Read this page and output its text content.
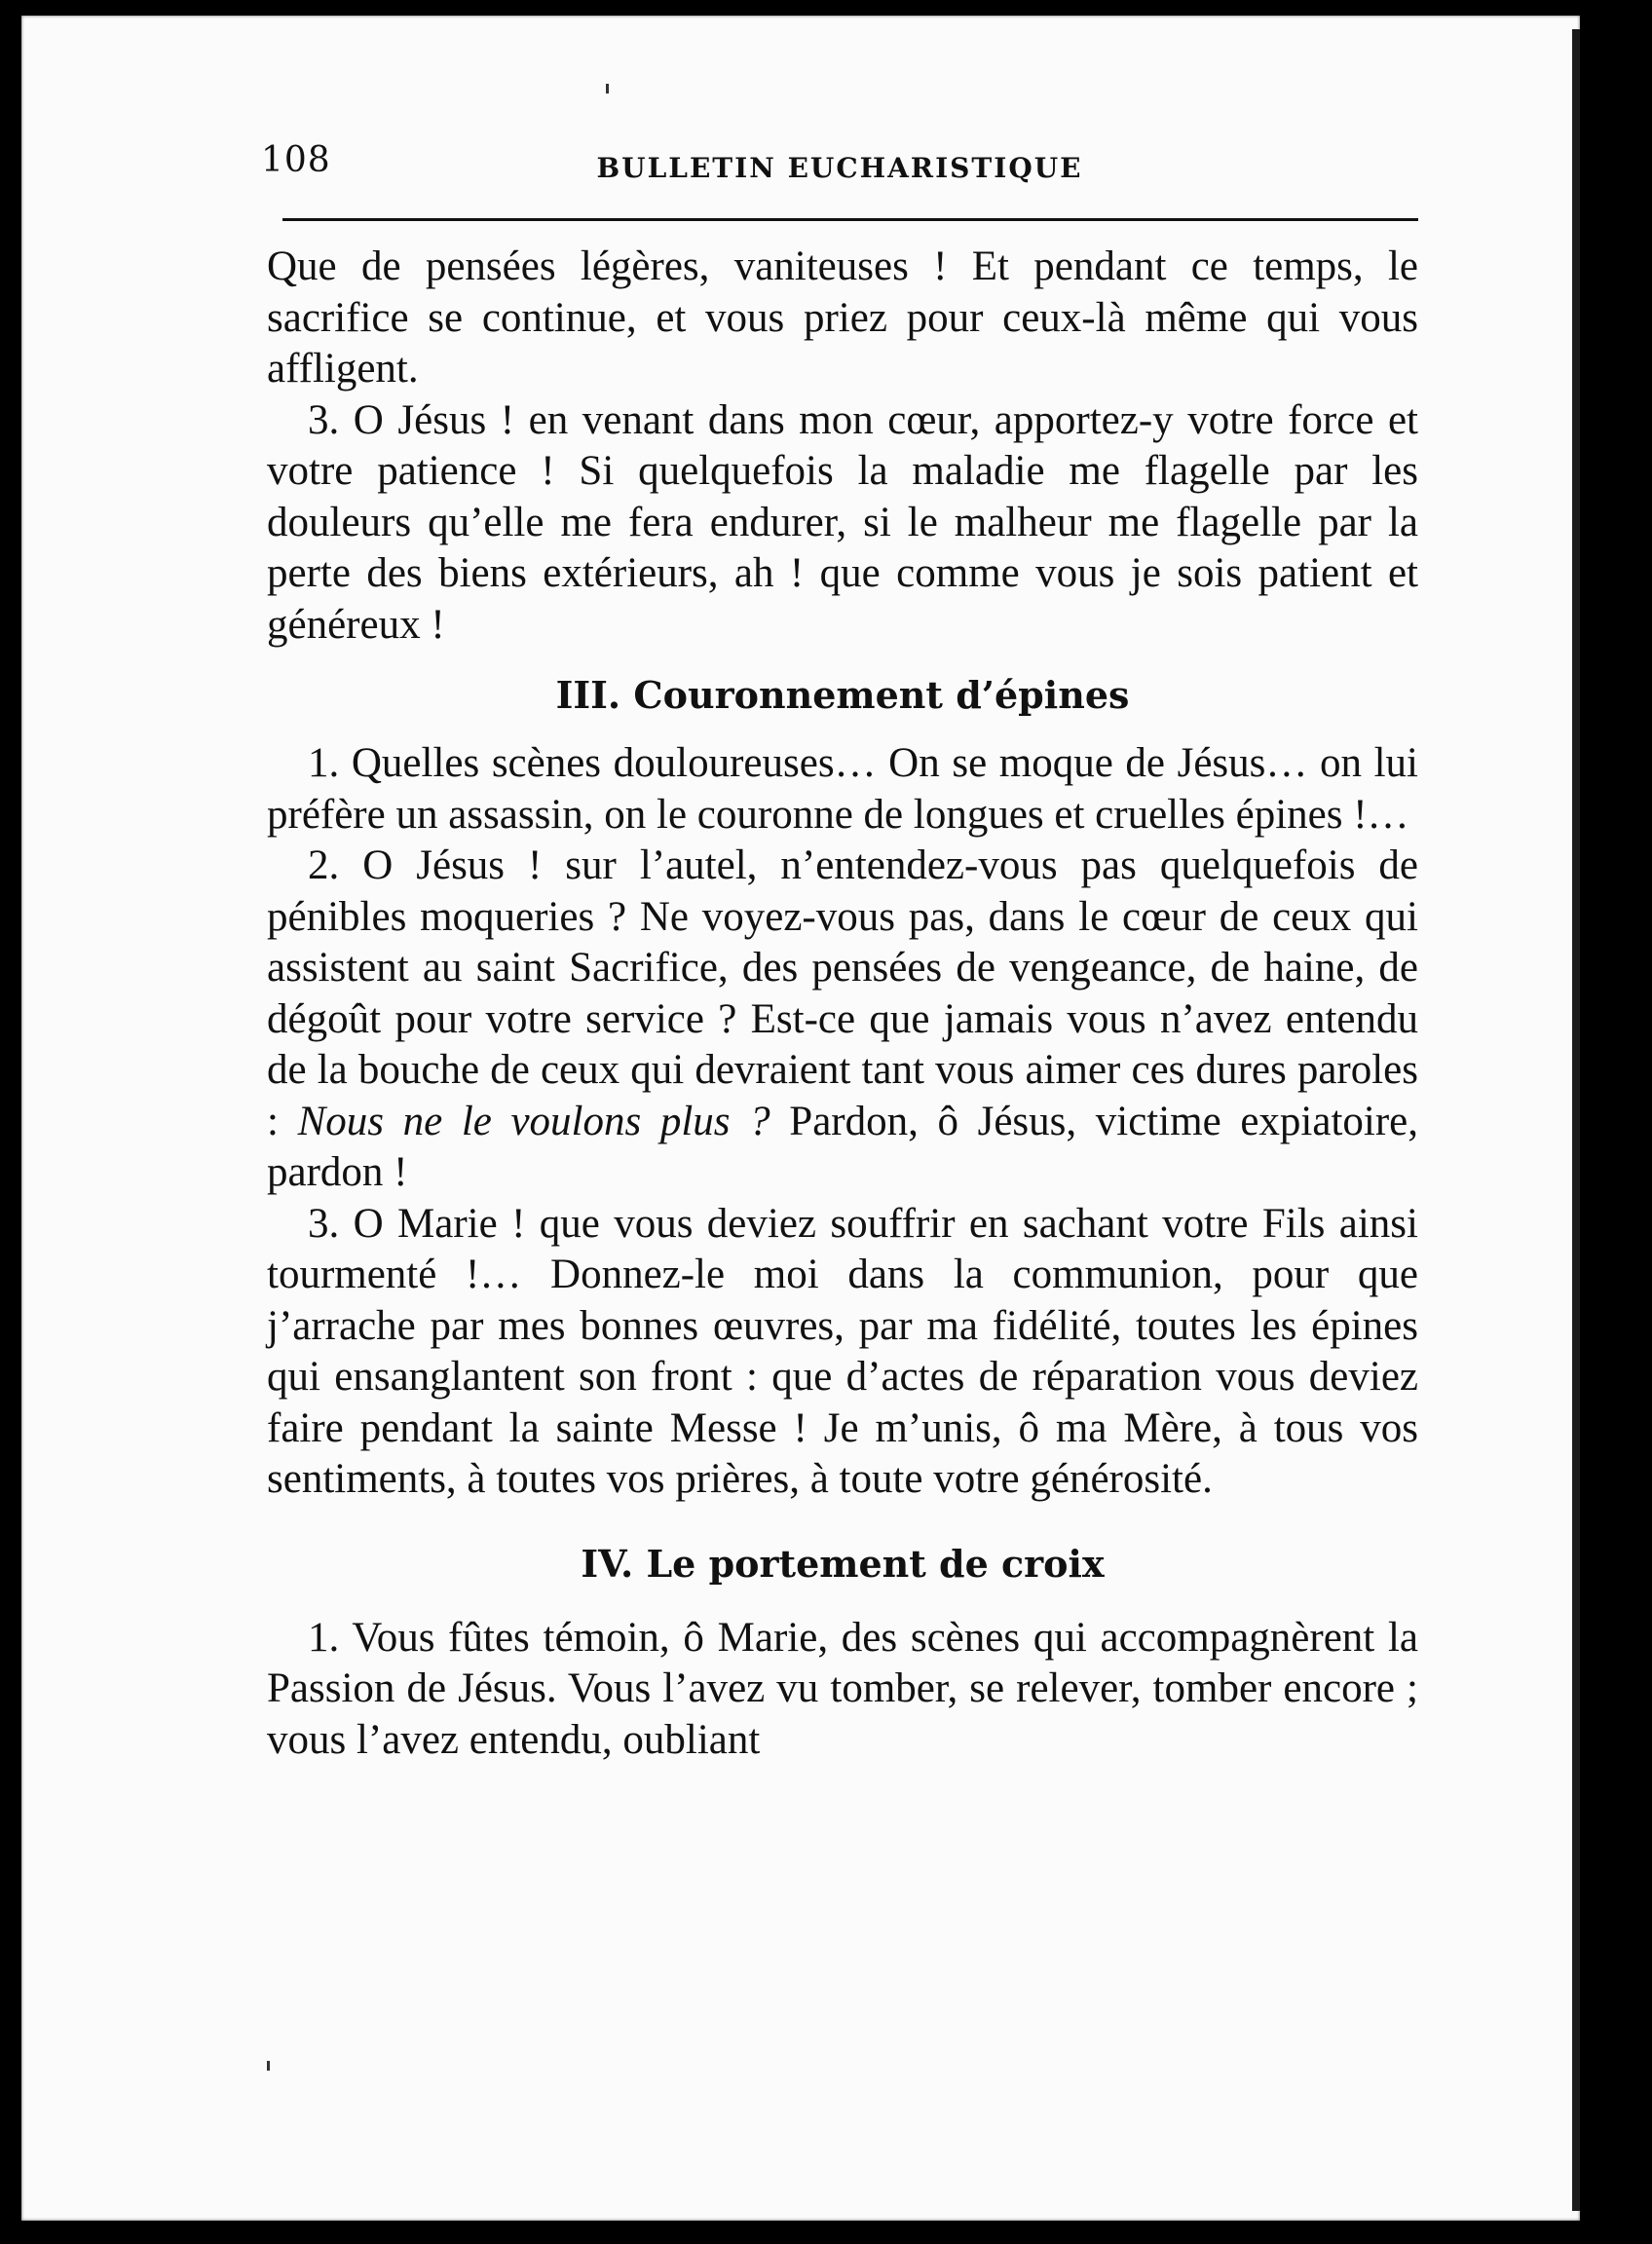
108	BULLETIN EUCHARISTIQUE

Que de pensées légères, vaniteuses ! Et pendant ce temps, le sacrifice se continue, et vous priez pour ceux-là même qui vous affligent.

3. O Jésus ! en venant dans mon cœur, apportez-y votre force et votre patience ! Si quelquefois la maladie me flagelle par les douleurs qu’elle me fera endurer, si le malheur me flagelle par la perte des biens extérieurs, ah ! que comme vous je sois patient et généreux !

III. Couronnement d’épines

1. Quelles scènes douloureuses… On se moque de Jésus… on lui préfère un assassin, on le couronne de longues et cruelles épines !…

2. O Jésus ! sur l’autel, n’entendez-vous pas quelquefois de pénibles moqueries ? Ne voyez-vous pas, dans le cœur de ceux qui assistent au saint Sacrifice, des pensées de vengeance, de haine, de dégoût pour votre service ? Est-ce que jamais vous n’avez entendu de la bouche de ceux qui devraient tant vous aimer ces dures paroles : Nous ne le voulons plus ? Pardon, ô Jésus, victime expiatoire, pardon !

3. O Marie ! que vous deviez souffrir en sachant votre Fils ainsi tourmenté !… Donnez-le moi dans la communion, pour que j’arrache par mes bonnes œuvres, par ma fidélité, toutes les épines qui ensanglantent son front : que d’actes de réparation vous deviez faire pendant la sainte Messe ! Je m’unis, ô ma Mère, à tous vos sentiments, à toutes vos prières, à toute votre générosité.

IV. Le portement de croix

1. Vous fûtes témoin, ô Marie, des scènes qui accompagnèrent la Passion de Jésus. Vous l’avez vu tomber, se relever, tomber encore ; vous l’avez entendu, oubliant
